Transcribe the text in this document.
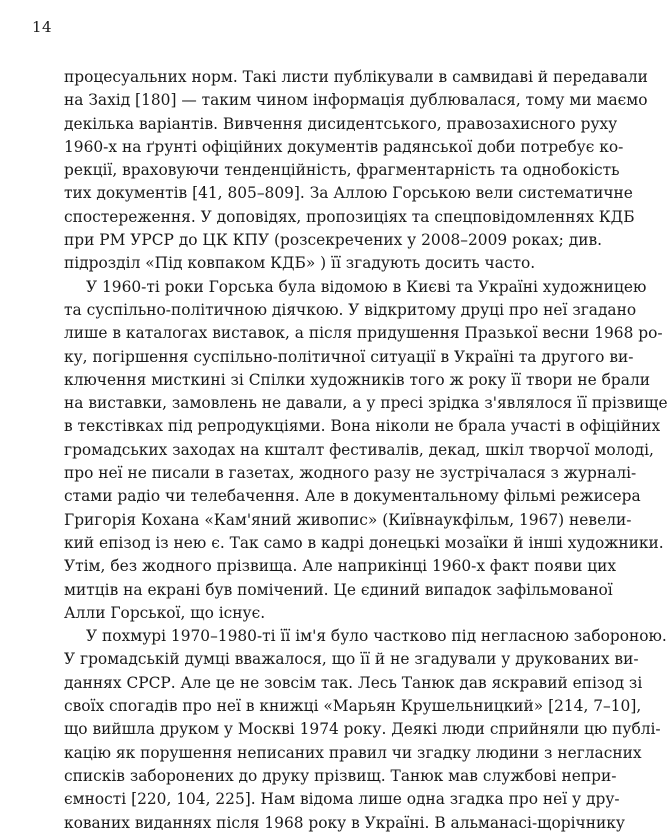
14
процесуальних норм. Такі листи публікували в самвидаві й передавали
на Захід [180] — таким чином інформація дублювалася, тому ми маємо
декілька варіантів. Вивчення дисидентського, правозахисного руху
1960-х на ґрунті офіційних документів радянської доби потребує ко-
рекції, враховуючи тенденційність, фрагментарність та однобокість
тих документів [41, 805–809]. За Аллою Горською вели систематичне
спостереження. У доповідях, пропозиціях та спецповідомленнях КДБ
при РМ УРСР до ЦК КПУ (розсекречених у 2008–2009 роках; див.
підрозділ «Під ковпаком КДБ» ) її згадують досить часто.
У 1960-ті роки Горська була відомою в Києві та Україні художницею
та суспільно-політичною діячкою. У відкритому друці про неї згадано
лише в каталогах виставок, а після придушення Празької весни 1968 ро-
ку, погіршення суспільно-політичної ситуації в Україні та другого ви-
ключення мисткині зі Спілки художників того ж року її твори не брали
на виставки, замовлень не давали, а у пресі зрідка з'являлося її прізвище
в текстівках під репродукціями. Вона ніколи не брала участі в офіційних
громадських заходах на кшталт фестивалів, декад, шкіл творчої молоді,
про неї не писали в газетах, жодного разу не зустрічалася з журналі-
стами радіо чи телебачення. Але в документальному фільмі режисера
Григорія Кохана «Кам'яний живопис» (Київнаукфільм, 1967) невели-
кий епізод із нею є. Так само в кадрі донецькі мозаїки й інші художники.
Утім, без жодного прізвища. Але наприкінці 1960-х факт появи цих
митців на екрані був помічений. Це єдиний випадок зафільмованої
Алли Горської, що існує.
У похмурі 1970–1980-ті її ім'я було частково під негласною забороною.
У громадській думці вважалося, що її й не згадували у друкованих ви-
даннях СРСР. Але це не зовсім так. Лесь Танюк дав яскравий епізод зі
своїх спогадів про неї в книжці «Марьян Крушельницкий» [214, 7–10],
що вийшла друком у Москві 1974 року. Деякі люди сприйняли цю публі-
кацію як порушення неписаних правил чи згадку людини з негласних
списків заборонених до друку прізвищ. Танюк мав службові непри-
ємності [220, 104, 225]. Нам відома лише одна згадка про неї у дру-
кованих виданнях після 1968 року в Україні. В альманасі-щорічнику
